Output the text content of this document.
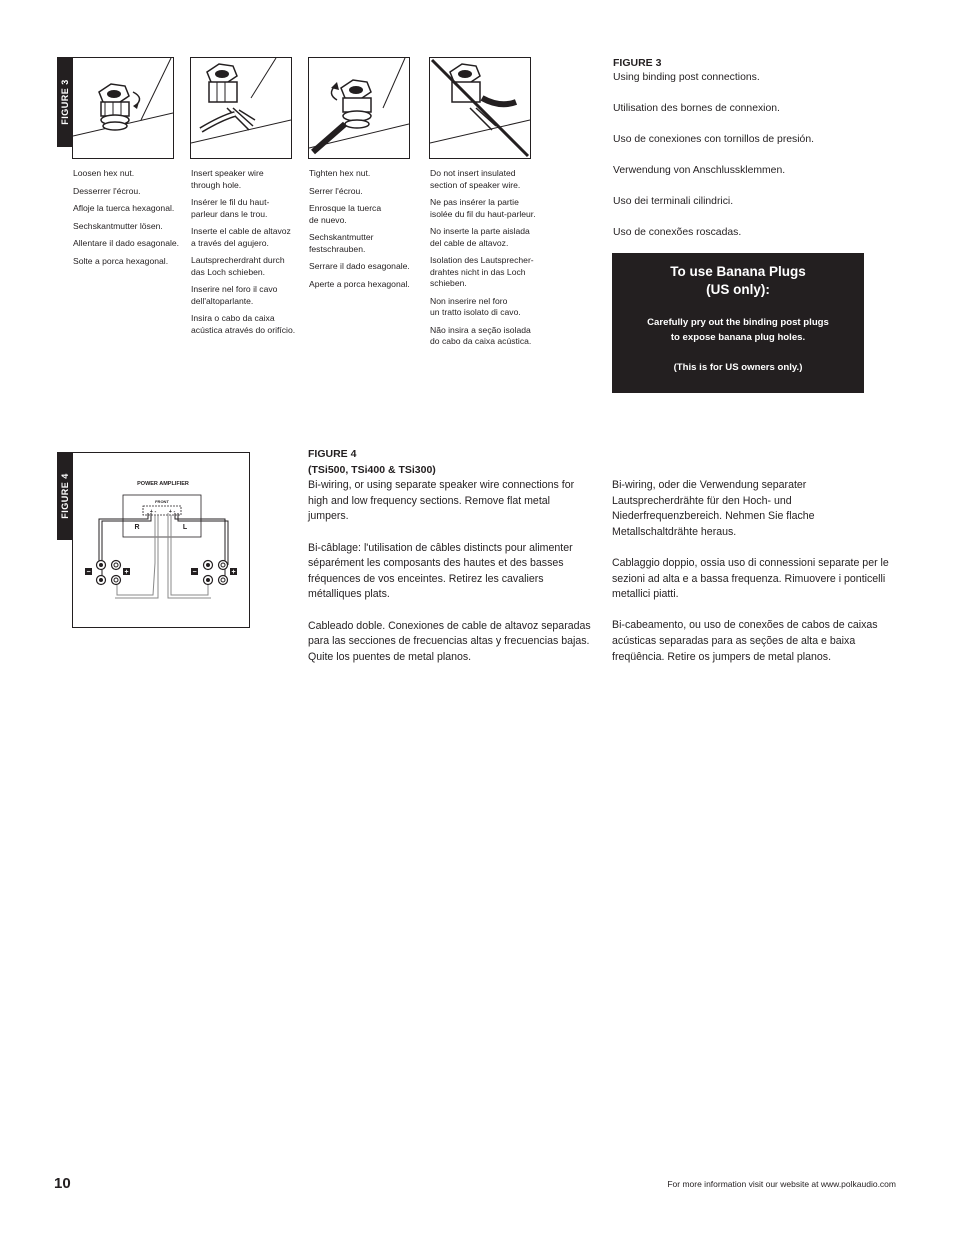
FIGURE 3

Loosen hex nut.

Desserrer l'écrou.

Afloje la tuerca hexagonal.

Sechskantmutter lösen.

Allentare il dado esagonale.

Solte a porca hexagonal.

Insert speaker wire
through hole.

Insérer le fil du haut-
parleur dans le trou.

Inserte el cable de altavoz
a través del agujero.

Lautsprecherdraht durch
das Loch schieben.

Inserire nel foro il cavo
dell'altoparlante.

Insira o cabo da caixa
acústica através do orifício.

Tighten hex nut.

Serrer l'écrou.

Enrosque la tuerca
de nuevo.

Sechskantmutter
festschrauben.

Serrare il dado esagonale.

Aperte a porca hexagonal.

Do not insert insulated
section of speaker wire.

Ne pas insérer la partie
isolée du fil du haut-parleur.

No inserte la parte aislada
del cable de altavoz.

Isolation des Lautsprecher-
drahtes nicht in das Loch
schieben.

Non inserire nel foro
un tratto isolato di cavo.

Não insira a seção isolada
do cabo da caixa acústica.

FIGURE 3

Using binding post connections.

Utilisation des bornes de connexion.

Uso de conexiones con tornillos de presión.

Verwendung von Anschlussklemmen.

Uso dei terminali cilindrici.

Uso de conexões roscadas.

To use Banana Plugs
(US only):
Carefully pry out the binding post plugs
to expose banana plug holes.
(This is for US owners only.)
FIGURE 4	POWER AMPLIFIER
FRONT
+ - + -
R	L
−	−	+
+

FIGURE 4

(TSi500, TSi400 & TSi300)

Bi-wiring, or using separate speaker wire connections for high and low frequency sections. Remove flat metal jumpers.

Bi-câblage: l'utilisation de câbles distincts pour alimenter séparément les composants des hautes et des basses fréquences de vos enceintes. Retirez les cavaliers métalliques plats.

Cableado doble. Conexiones de cable de altavoz separadas para las secciones de frecuencias altas y frecuencias bajas. Quite los puentes de metal planos.

Bi-wiring, oder die Verwendung separater Lautsprecherdrähte für den Hoch- und Niederfrequenzbereich. Nehmen Sie flache Metallschaltdrähte heraus.

Cablaggio doppio, ossia uso di connessioni separate per le sezioni ad alta e a bassa frequenza. Rimuovere i ponticelli metallici piatti.

Bi-cabeamento, ou uso de conexões de cabos de caixas acústicas separadas para as seções de alta e baixa freqüência. Retire os jumpers de metal planos.

10	For more information visit our website at www.polkaudio.com
